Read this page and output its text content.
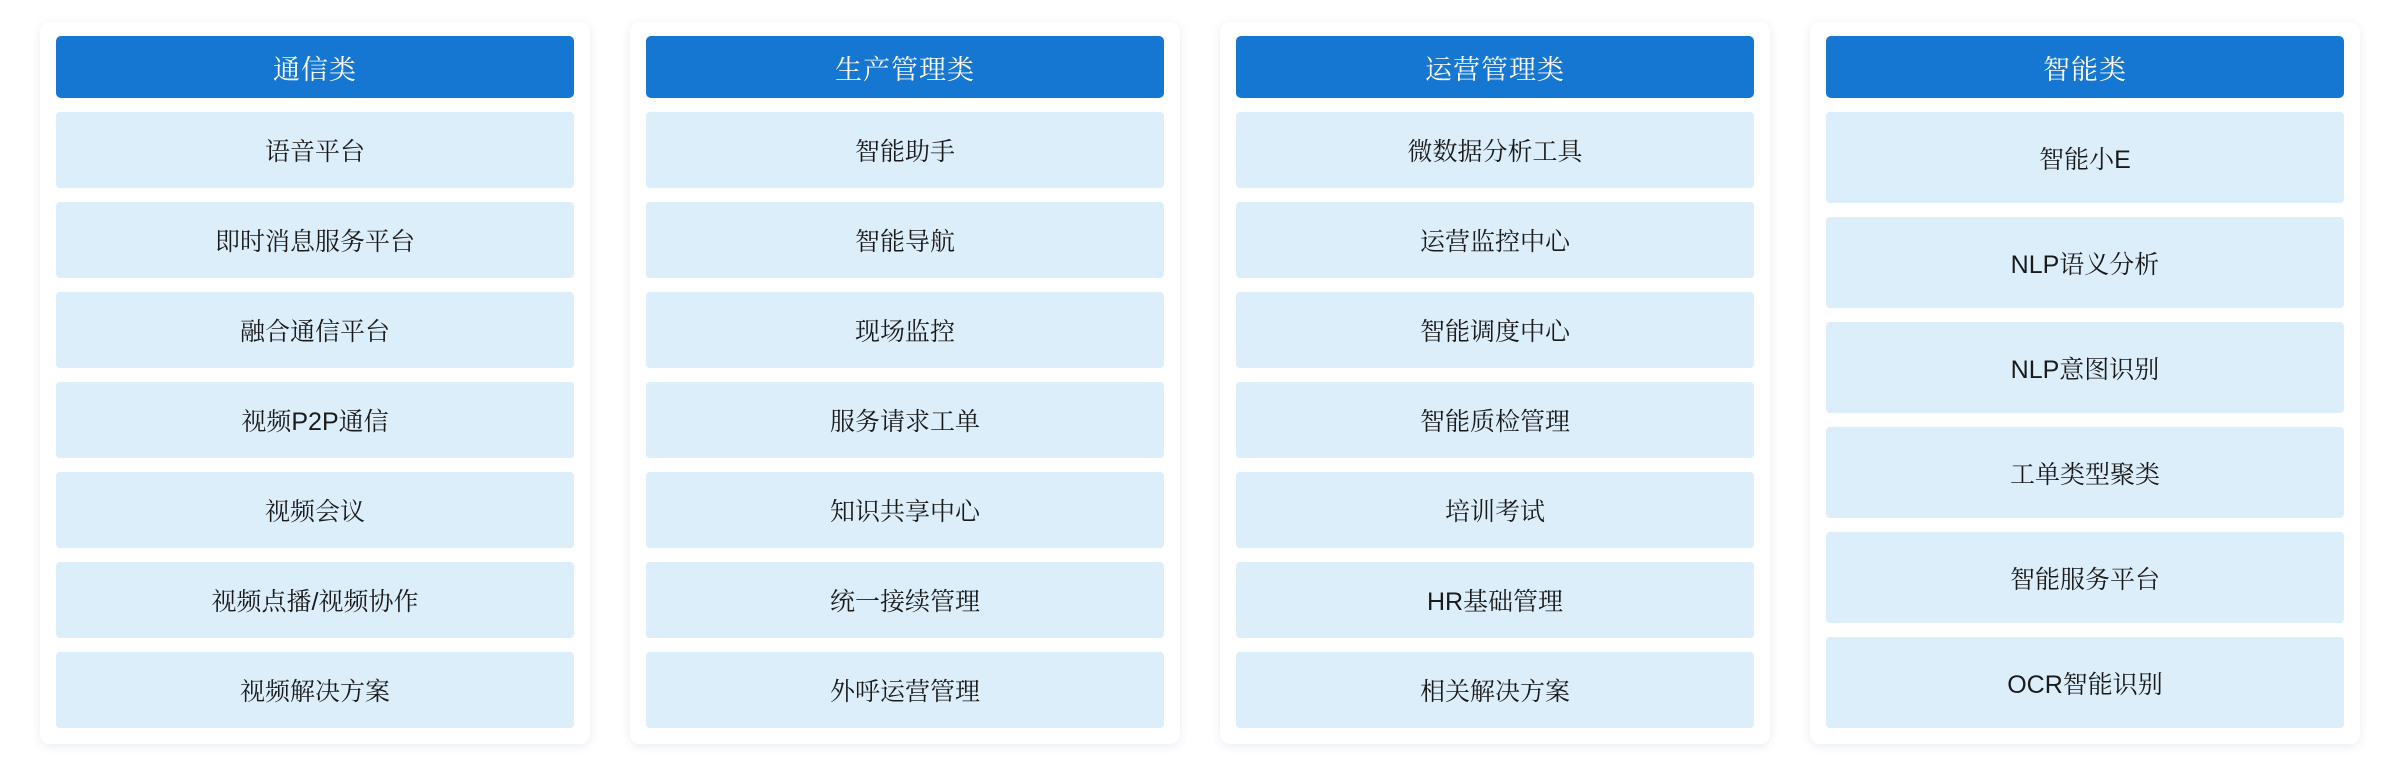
通信类
语音平台
即时消息服务平台
融合通信平台
视频P2P通信
视频会议
视频点播/视频协作
视频解决方案
生产管理类
智能助手
智能导航
现场监控
服务请求工单
知识共享中心
统一接续管理
外呼运营管理
运营管理类
微数据分析工具
运营监控中心
智能调度中心
智能质检管理
培训考试
HR基础管理
相关解决方案
智能类
智能小E
NLP语义分析
NLP意图识别
工单类型聚类
智能服务平台
OCR智能识别
